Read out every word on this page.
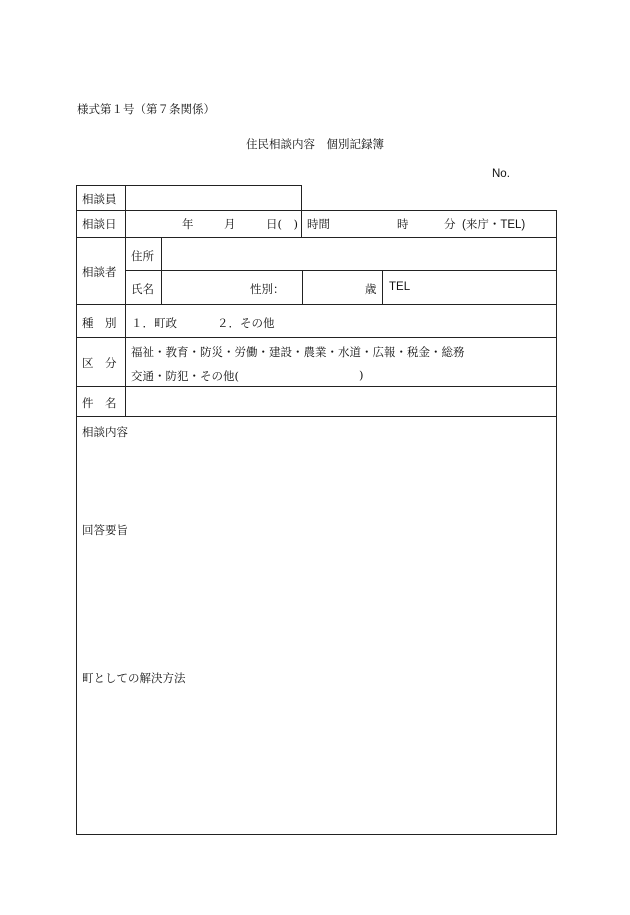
様式第１号（第７条関係）
住民相談内容　個別記録簿
No.
相談員
相談日	年	月	日(　) 時間	時	分 (来庁・TEL)
相談者
住所
氏名	性別：	歳 TEL
種　別 １．町政	２．その他
区　分
福祉・教育・防災・労働・建設・農業・水道・広報・税金・総務
交通・防犯・その他(	)
件　名
相談内容
回答要旨
町としての解決方法
